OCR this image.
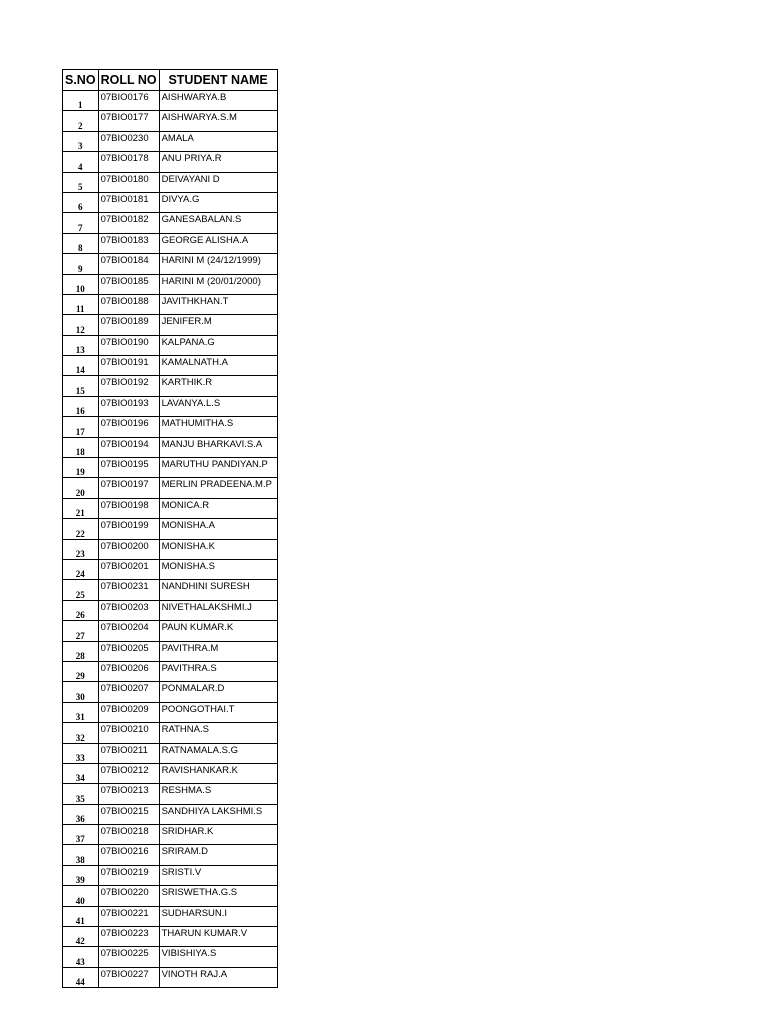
S.NO	ROLL NO	STUDENT NAME
1	07BIO0176	AISHWARYA.B
2	07BIO0177	AISHWARYA.S.M
3	07BIO0230	AMALA
4	07BIO0178	ANU PRIYA.R
5	07BIO0180	DEIVAYANI D
6	07BIO0181	DIVYA.G
7	07BIO0182	GANESABALAN.S
8	07BIO0183	GEORGE ALISHA.A
9	07BIO0184	HARINI M (24/12/1999)
10	07BIO0185	HARINI M (20/01/2000)
11	07BIO0188	JAVITHKHAN.T
12	07BIO0189	JENIFER.M
13	07BIO0190	KALPANA.G
14	07BIO0191	KAMALNATH.A
15	07BIO0192	KARTHIK.R
16	07BIO0193	LAVANYA.L.S
17	07BIO0196	MATHUMITHA.S
18	07BIO0194	MANJU BHARKAVI.S.A
19	07BIO0195	MARUTHU PANDIYAN.P
20	07BIO0197	MERLIN PRADEENA.M.P
21	07BIO0198	MONICA.R
22	07BIO0199	MONISHA.A
23	07BIO0200	MONISHA.K
24	07BIO0201	MONISHA.S
25	07BIO0231	NANDHINI SURESH
26	07BIO0203	NIVETHALAKSHMI.J
27	07BIO0204	PAUN KUMAR.K
28	07BIO0205	PAVITHRA.M
29	07BIO0206	PAVITHRA.S
30	07BIO0207	PONMALAR.D
31	07BIO0209	POONGOTHAI.T
32	07BIO0210	RATHNA.S
33	07BIO0211	RATNAMALA.S.G
34	07BIO0212	RAVISHANKAR.K
35	07BIO0213	RESHMA.S
36	07BIO0215	SANDHIYA LAKSHMI.S
37	07BIO0218	SRIDHAR.K
38	07BIO0216	SRIRAM.D
39	07BIO0219	SRISTI.V
40	07BIO0220	SRISWETHA.G.S
41	07BIO0221	SUDHARSUN.I
42	07BIO0223	THARUN KUMAR.V
43	07BIO0225	VIBISHIYA.S
44	07BIO0227	VINOTH RAJ.A
